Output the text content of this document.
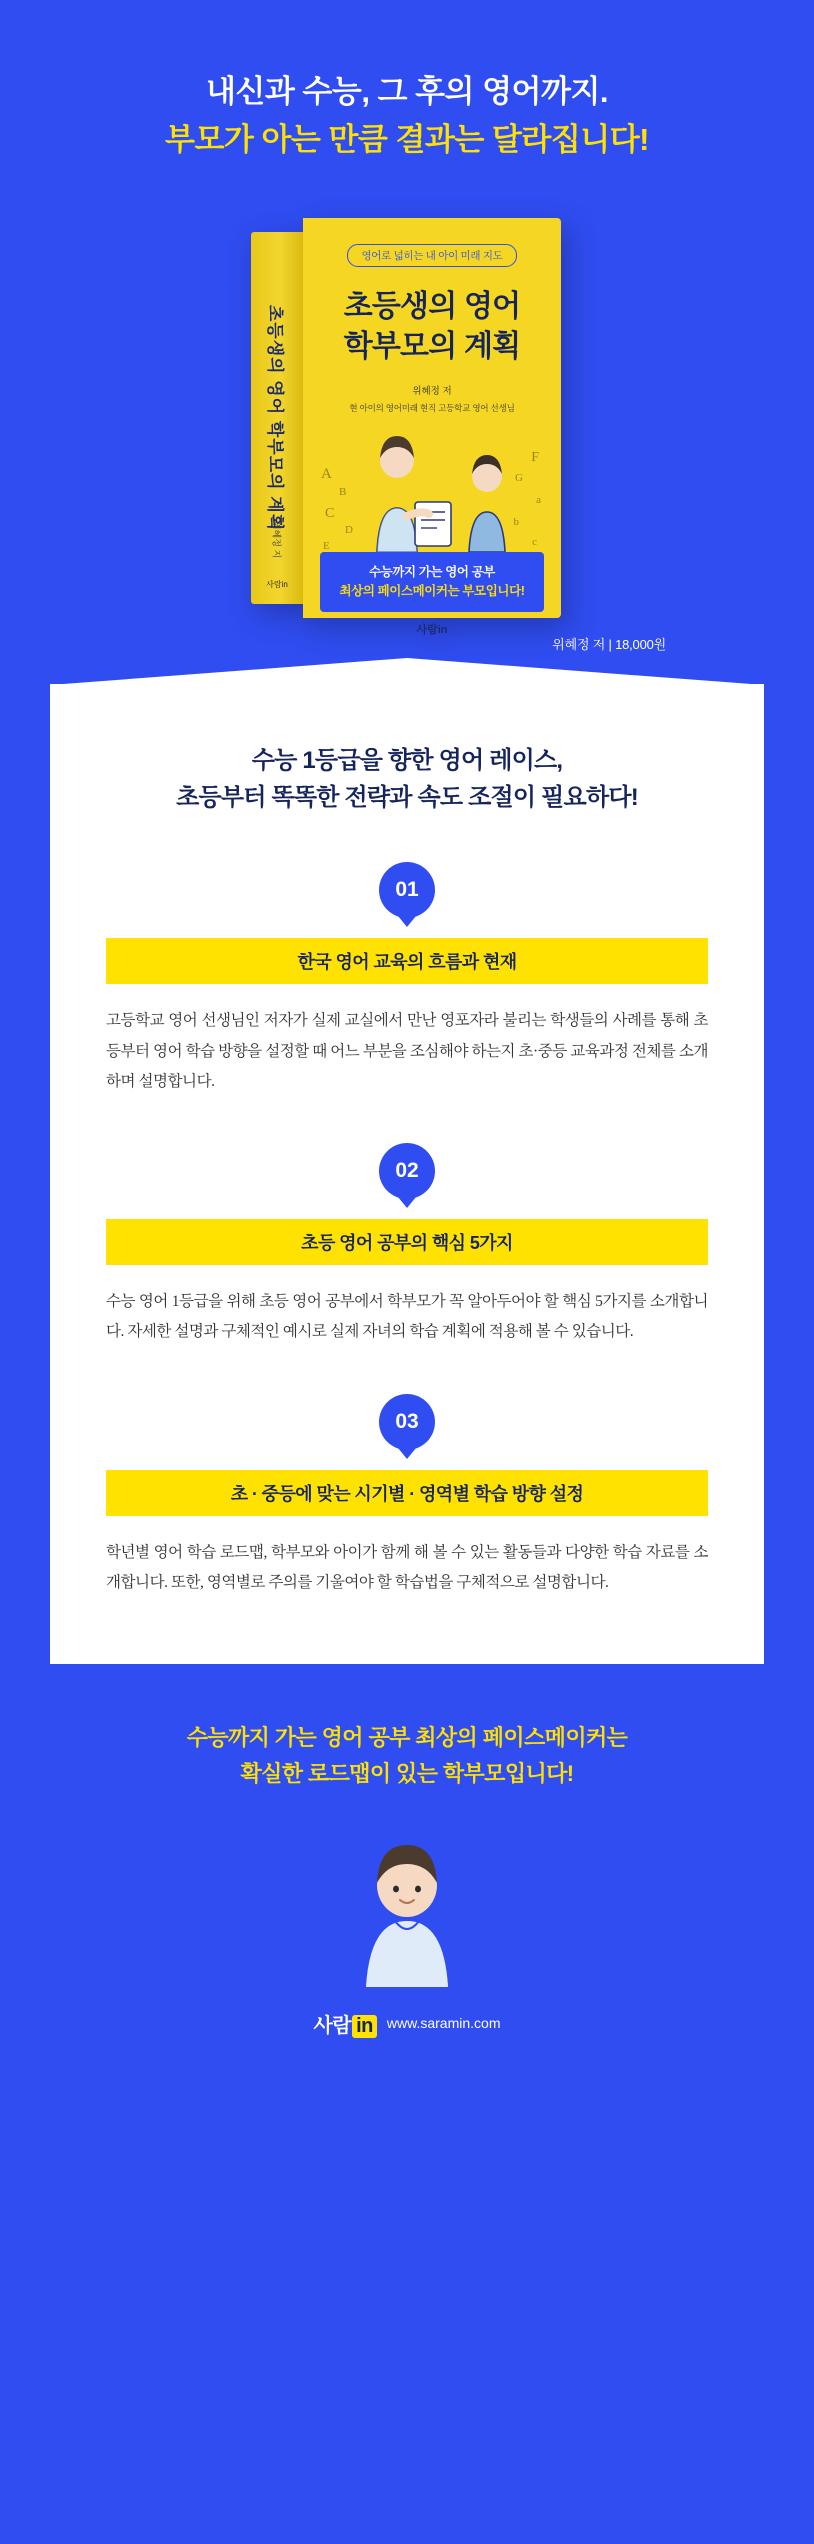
내신과 수능, 그 후의 영어까지.
부모가 아는 만큼 결과는 달라집니다!
초등생의 영어 학부모의 계획
위혜정 지
사람in
영어로 넓히는 내 아이 미래 지도
초등생의 영어
학부모의 계획
위혜정 저
현 아이의 영어미래 현직 고등학교 영어 선생님
A
B
C
D
E
F
G
a
b
c
수능까지 가는 영어 공부
최상의 페이스메이커는 부모입니다!
사람in
위혜정 저 | 18,000원
수능 1등급을 향한 영어 레이스,
초등부터 똑똑한 전략과 속도 조절이 필요하다!
01
한국 영어 교육의 흐름과 현재

고등학교 영어 선생님인 저자가 실제 교실에서 만난 영포자라 불리는 학생들의 사례를 통해 초등부터 영어 학습 방향을 설정할 때 어느 부분을 조심해야 하는지 초·중등 교육과정 전체를 소개하며 설명합니다.

02
초등 영어 공부의 핵심 5가지

수능 영어 1등급을 위해 초등 영어 공부에서 학부모가 꼭 알아두어야 할 핵심 5가지를 소개합니다. 자세한 설명과 구체적인 예시로 실제 자녀의 학습 계획에 적용해 볼 수 있습니다.

03
초 · 중등에 맞는 시기별 · 영역별 학습 방향 설정

학년별 영어 학습 로드맵, 학부모와 아이가 함께 해 볼 수 있는 활동들과 다양한 학습 자료를 소개합니다. 또한, 영역별로 주의를 기울여야 할 학습법을 구체적으로 설명합니다.

수능까지 가는 영어 공부 최상의 페이스메이커는
확실한 로드맵이 있는 학부모입니다!
사람 in www.saramin.com
